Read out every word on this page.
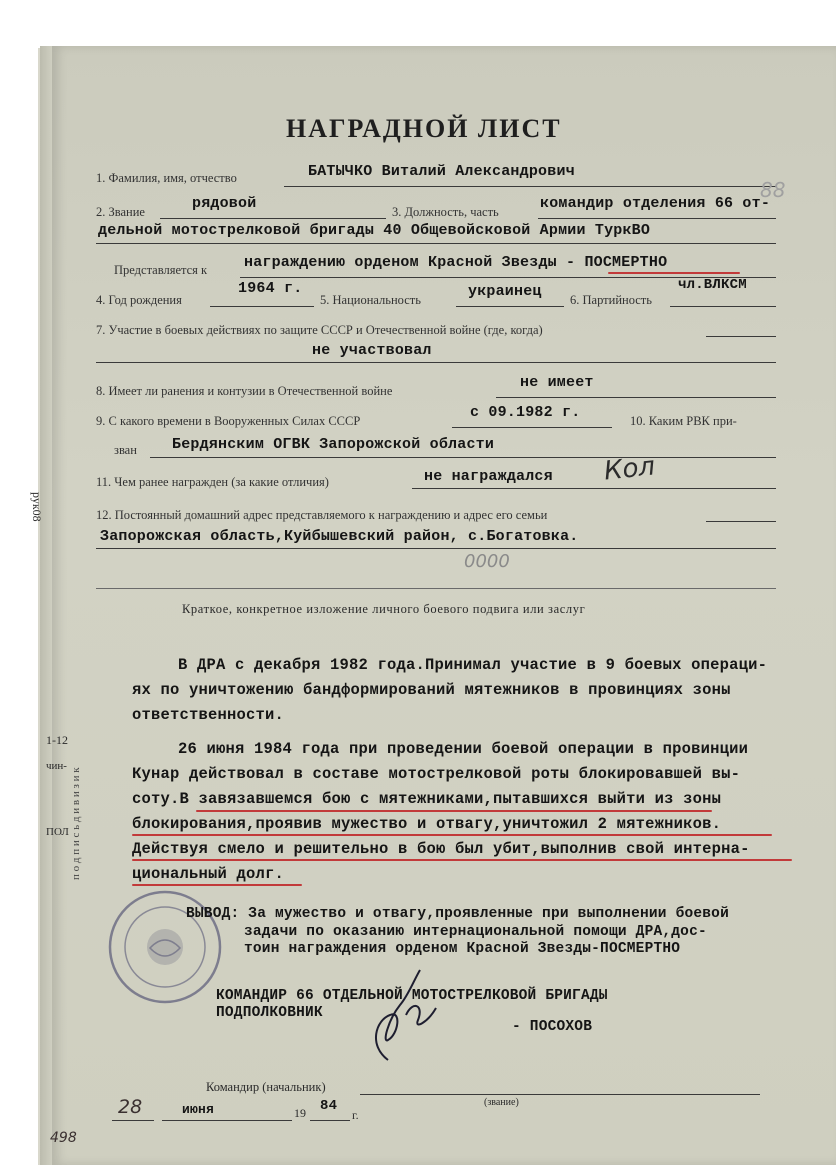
рук08
1-12
чин-
ПОЛ п о д п и с ь д и в и з и к
498
НАГРАДНОЙ ЛИСТ
1. Фамилия, имя, отчество	БАТЫЧКО Виталий Александрович
2. Звание	рядовой	3. Должность, часть	командир отделения 66 от-
88
дельной мотострелковой бригады 40 Общевойсковой Армии ТуркВО
Представляется к награждению орденом Красной Звезды - ПОСМЕРТНО
4. Год рождения
1964 г.
5. Национальность	украинец 6. Партийность
чл.ВЛКСМ
7. Участие в боевых действиях по защите СССР и Отечественной войне (где, когда)
не участвовал
8. Имеет ли ранения и контузии в Отечественной войне	не имеет
9. С какого времени в Вооруженных Силах СССР	с 09.1982 г.	10. Каким РВК при-
зван Бердянским ОГВК Запорожской области
11. Чем ранее награжден (за какие отличия)	не награждался Кол
12. Постоянный домашний адрес представляемого к награждению и адрес его семьи
Запорожская область,Куйбышевский район, с.Богатовка.
0000
Краткое, конкретное изложение личного боевого подвига или заслуг
В ДРА с декабря 1982 года.Принимал участие в 9 боевых операци-
ях по уничтожению бандформирований мятежников в провинциях зоны
ответственности.
26 июня 1984 года при проведении боевой операции в провинции
Кунар действовал в составе мотострелковой роты блокировавшей вы-
соту.В завязавшемся бою с мятежниками,пытавшихся выйти из зоны
блокирования,проявив мужество и отвагу,уничтожил 2 мятежников.
Действуя смело и решительно в бою был убит,выполнив свой интерна-
циональный долг.
ВЫВОД: За мужество и отвагу,проявленные при выполнении боевой
задачи по оказанию интернациональной помощи ДРА,дос-
тоин награждения орденом Красной Звезды-ПОСМЕРТНО
КОМАНДИР 66 ОТДЕЛЬНОЙ МОТОСТРЕЛКОВОЙ БРИГАДЫ
ПОДПОЛКОВНИК
- ПОСОХОВ
Командир (начальник)
(звание)
28	июня	19 84
г.
